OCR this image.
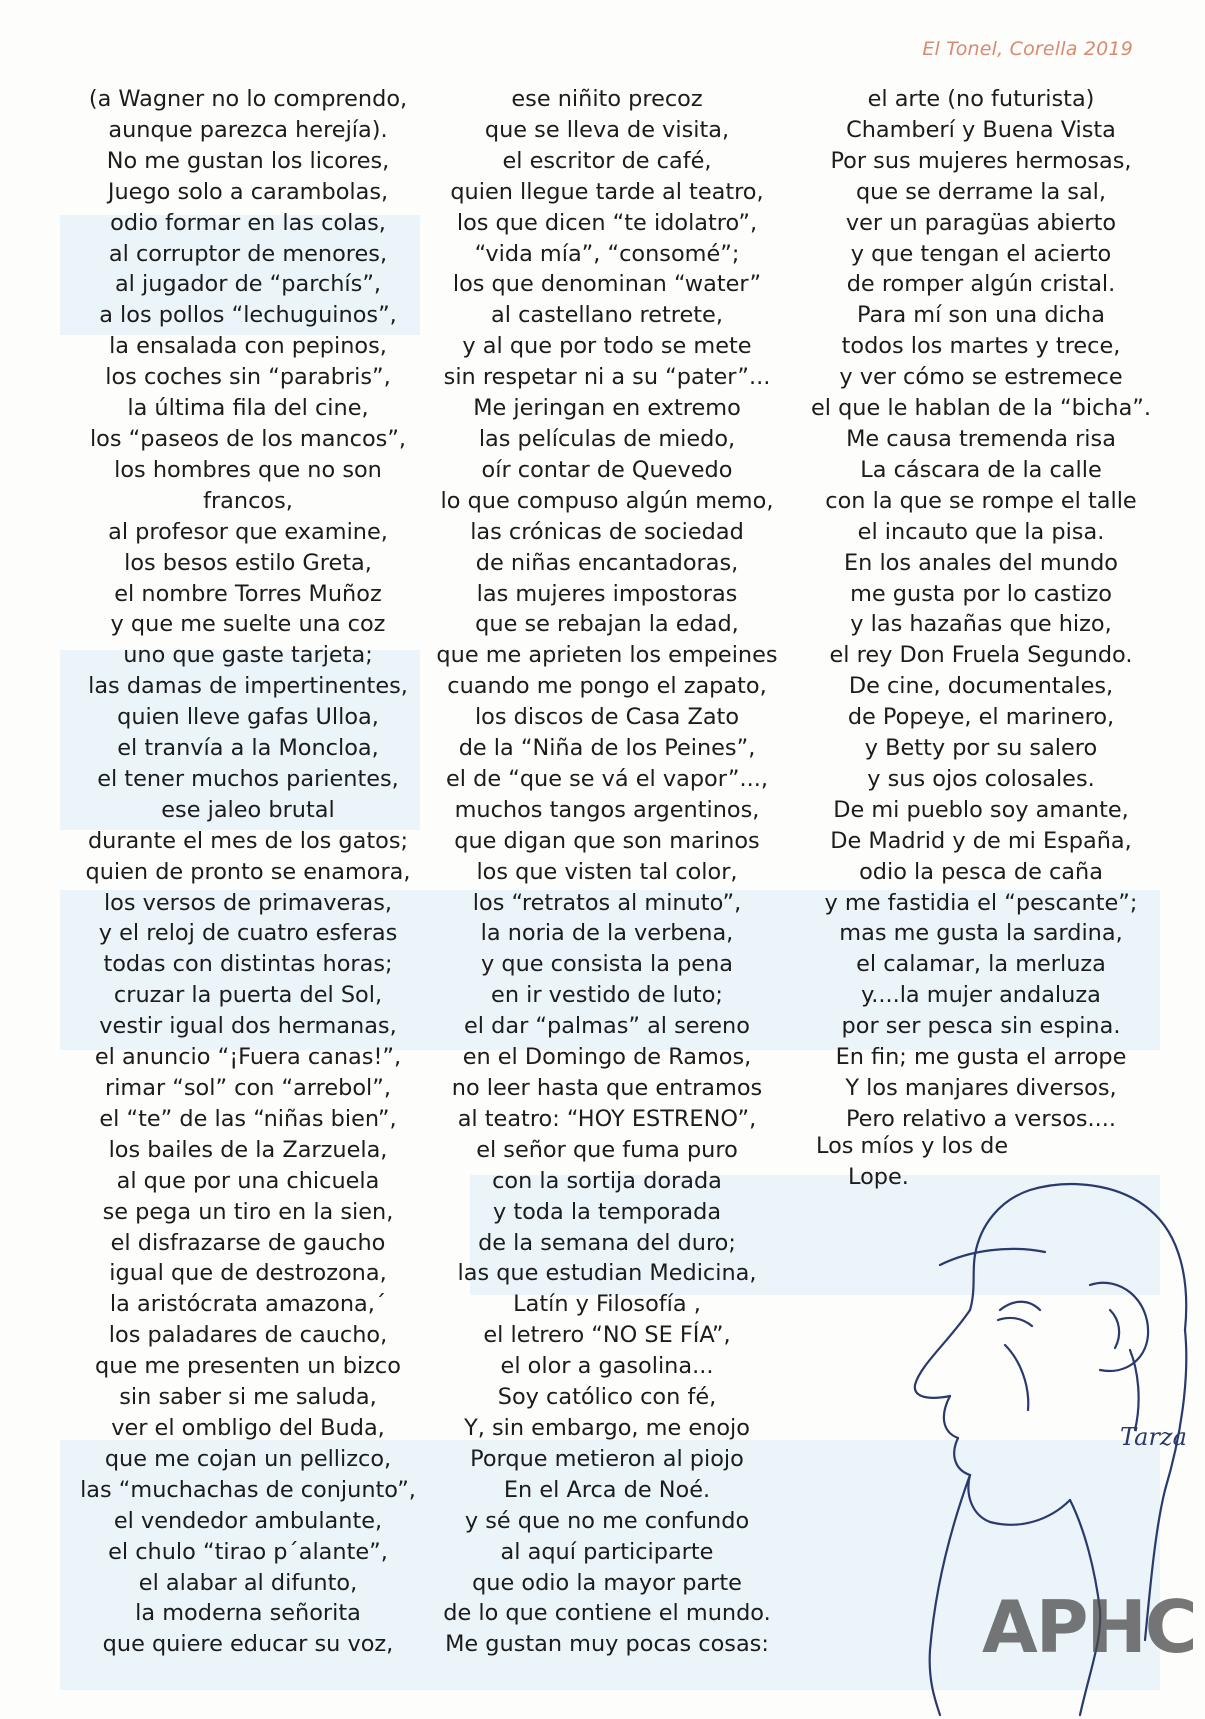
El Tonel, Corella 2019
(a Wagner no lo comprendo,
aunque parezca herejía).
No me gustan los licores,
Juego solo a carambolas,
odio formar en las colas,
al corruptor de menores,
al jugador de “parchís”,
a los pollos “lechuguinos”,
la ensalada con pepinos,
los coches sin “parabris”,
la última fila del cine,
los “paseos de los mancos”,
los hombres que no son
francos,
al profesor que examine,
los besos estilo Greta,
el nombre Torres Muñoz
y que me suelte una coz
uno que gaste tarjeta;
las damas de impertinentes,
quien lleve gafas Ulloa,
el tranvía a la Moncloa,
el tener muchos parientes,
ese jaleo brutal
durante el mes de los gatos;
quien de pronto se enamora,
los versos de primaveras,
y el reloj de cuatro esferas
todas con distintas horas;
cruzar la puerta del Sol,
vestir igual dos hermanas,
el anuncio “¡Fuera canas!”,
rimar “sol” con “arrebol”,
el “te” de las “niñas bien”,
los bailes de la Zarzuela,
al que por una chicuela
se pega un tiro en la sien,
el disfrazarse de gaucho
igual que de destrozona,
la aristócrata amazona,´
los paladares de caucho,
que me presenten un bizco
sin saber si me saluda,
ver el ombligo del Buda,
que me cojan un pellizco,
las “muchachas de conjunto”,
el vendedor ambulante,
el chulo “tirao p´alante”,
el alabar al difunto,
la moderna señorita
que quiere educar su voz,
ese niñito precoz
que se lleva de visita,
el escritor de café,
quien llegue tarde al teatro,
los que dicen “te idolatro”,
“vida mía”, “consomé”;
los que denominan “water”
al castellano retrete,
y al que por todo se mete
sin respetar ni a su “pater”...
Me jeringan en extremo
las películas de miedo,
oír contar de Quevedo
lo que compuso algún memo,
las crónicas de sociedad
de niñas encantadoras,
las mujeres impostoras
que se rebajan la edad,
que me aprieten los empeines
cuando me pongo el zapato,
los discos de Casa Zato
de la “Niña de los Peines”,
el de “que se vá el vapor”...,
muchos tangos argentinos,
que digan que son marinos
los que visten tal color,
los “retratos al minuto”,
la noria de la verbena,
y que consista la pena
en ir vestido de luto;
el dar “palmas” al sereno
en el Domingo de Ramos,
no leer hasta que entramos
al teatro: “HOY ESTRENO”,
el señor que fuma puro
con la sortija dorada
y toda la temporada
de la semana del duro;
las que estudian Medicina,
Latín y Filosofía ,
el letrero “NO SE FÍA”,
el olor a gasolina...
Soy católico con fé,
Y, sin embargo, me enojo
Porque metieron al piojo
En el Arca de Noé.
y sé que no me confundo
al aquí participarte
que odio la mayor parte
de lo que contiene el mundo.
Me gustan muy pocas cosas:
el arte (no futurista)
Chamberí y Buena Vista
Por sus mujeres hermosas,
que se derrame la sal,
ver un paragüas abierto
y que tengan el acierto
de romper algún cristal.
Para mí son una dicha
todos los martes y trece,
y ver cómo se estremece
el que le hablan de la “bicha”.
Me causa tremenda risa
La cáscara de la calle
con la que se rompe el talle
el incauto que la pisa.
En los anales del mundo
me gusta por lo castizo
y las hazañas que hizo,
el rey Don Fruela Segundo.
De cine, documentales,
de Popeye, el marinero,
y Betty por su salero
y sus ojos colosales.
De mi pueblo soy amante,
De Madrid y de mi España,
odio la pesca de caña
y me fastidia el “pescante”;
mas me gusta la sardina,
el calamar, la merluza
y....la mujer andaluza
por ser pesca sin espina.
En fin; me gusta el arrope
Y los manjares diversos,
Pero relativo a versos....
Los míos y los de
Lope.
Tarza
APHC
